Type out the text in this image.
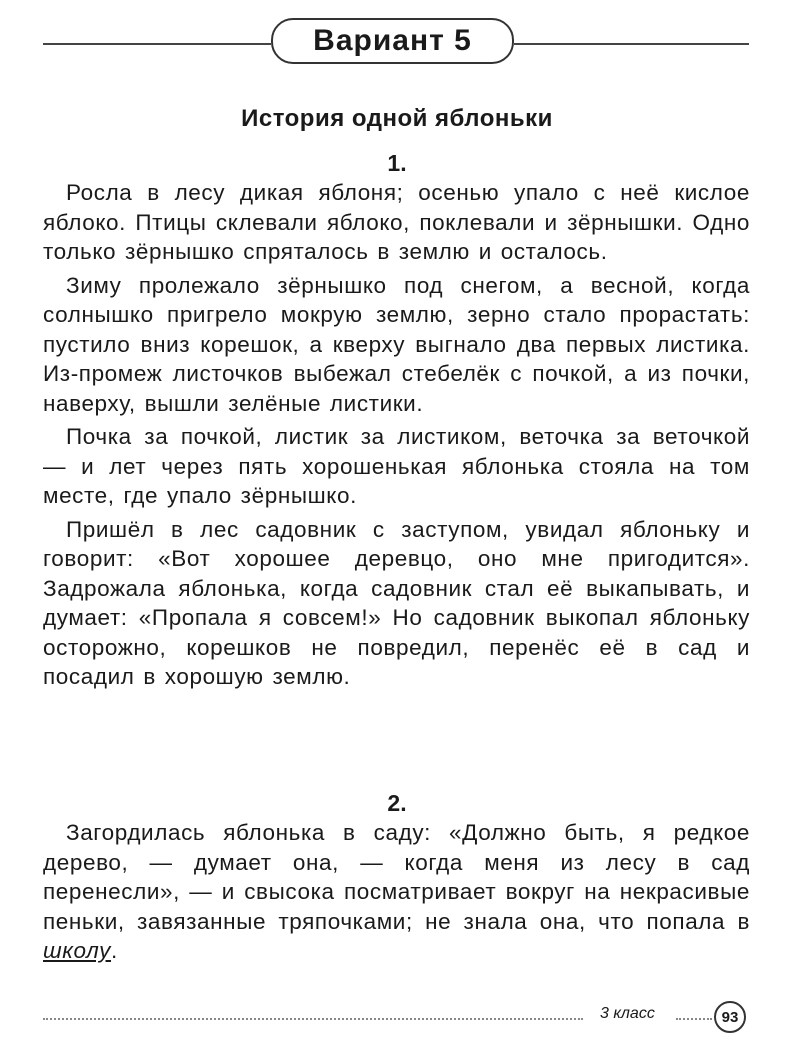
Вариант 5
История одной яблоньки
1.

Росла в лесу дикая яблоня; осенью упало с неё кислое яблоко. Птицы склевали яблоко, поклевали и зёрнышки. Одно только зёрнышко спряталось в землю и осталось.

Зиму пролежало зёрнышко под снегом, а весной, когда солнышко пригрело мокрую землю, зерно стало прорастать: пустило вниз корешок, а кверху выгнало два первых листика. Из-промеж листочков выбежал стебелёк с почкой, а из почки, наверху, вышли зелёные листики.

Почка за почкой, листик за листиком, веточка за веточкой — и лет через пять хорошенькая яблонька стояла на том месте, где упало зёрнышко.

Пришёл в лес садовник с заступом, увидал яблоньку и говорит: «Вот хорошее деревцо, оно мне пригодится». Задрожала яблонька, когда садовник стал её выкапывать, и думает: «Пропала я совсем!» Но садовник выкопал яблоньку осторожно, корешков не повредил, перенёс её в сад и посадил в хорошую землю.

2.

Загордилась яблонька в саду: «Должно быть, я редкое дерево, — думает она, — когда меня из лесу в сад перенесли», — и свысока посматривает вокруг на некрасивые пеньки, завязанные тряпочками; не знала она, что попала в школу.

3 класс	93
